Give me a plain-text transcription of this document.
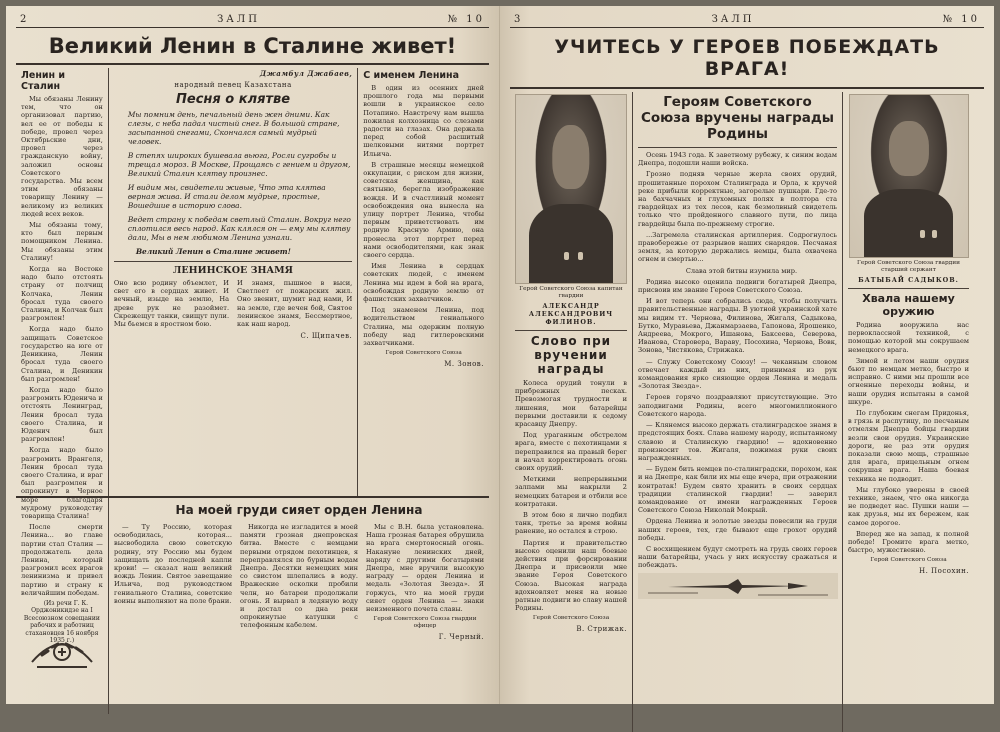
2	ЗАЛП	№ 10
Великий Ленин в Сталине живет!
Ленин и Сталин

Мы обязаны Ленину тем, что он организовал партию, вел ее от победы к победе, провел через Октябрьские дни, провел через гражданскую войну, заложил основы Советского государства. Мы всем этим обязаны товарищу Ленину — великому из великих людей всех веков.

Мы обязаны тому, кто был первым помощником Ленина. Мы обязаны этим Сталину!

Когда на Востоке надо было отстоять страну от полчищ Колчака, Ленин бросал туда своего Сталина, и Колчак был разгромлен!

Когда надо было защищать Советское государство на юге от Деникина, Ленин бросал туда своего Сталина, и Деникин был разгромлен!

Когда надо было разгромить Юденича и отстоять Ленинград, Ленин бросал туда своего Сталина, и Юденич был разгромлен!

Когда надо было разгромить Врангеля, Ленин бросал туда своего Сталина, и враг был разгромлен и опрокинут в Черное море благодаря мудрому руководству товарища Сталина!

После смерти Ленина... во главе партии стал Сталин — продолжатель дела Ленина, который разгромил всех врагов ленинизма и привел партию и страну к величайшим победам.

(Из речи Г. К. Орджоникидзе на I Всесоюзном совещании рабочих и работниц стахановцев 16 ноября 1935 г.)

Джамбул Джабаев,
народный певец Казахстана
Песня о клятве

Мы помним день, печальный день жен дними. Как слезы, с неба падал чистый снег. В большой стране, засыпанной снегами, Скончался самый мудрый человек.

В степях широких бушевала вьюга, Росли сугробы и трещал мороз. В Москве, Прощаясь с гением и другом, Великий Сталин клятву произнес.

И видим мы, свидетели живые, Что эта клятва верная жива. И стали делом мудрые, простые, Вошедшие в историю слова.

Ведет страну к победам светлый Сталин. Вокруг него сплотился весь народ. Как клялся он — ему мы клятву дали, Мы в нем любимом Ленина узнали.

Великий Ленин в Сталине живет!

ЛЕНИНСКОЕ ЗНАМЯ

Оно всю родину объемлет, И свет его в сердцах живет. И вечный, изыде на землю, На древе рук не разоймет. Скрежещут танки, свищут пули. Мы бьемся в яростном бою.

И знамя, пышное в выси, Светлеет от пожарских жил. Оно звенит, шумит над нами, И на земле, где вечен бой, Святое ленинское знамя, Бессмертное, как наш народ.

С. Щипачев.
С именем Ленина

В один из осенних дней прошлого года мы первыми вошли в украинское село Потапино. Навстречу нам вышла пожилая колхозница со слезами радости на глазах. Она держала перед собой расшитый шелковыми нитями портрет Ильича.

В страшные месяцы немецкой оккупации, с риском для жизни, советская женщина, как святыню, берегла изображение вождя. И в счастливый момент освобождения она вынесла на улицу портрет Ленина, чтобы первым приветствовать им родную Красную Армию, она пронесла этот портрет перед нами освободителями, как знак своего сердца.

Имя Ленина в сердцах советских людей, с именем Ленина мы идем в бой на врага, освобождая родную землю от фашистских захватчиков.

Под знаменем Ленина, под водительством гениального Сталина, мы одержим полную победу над гитлеровскими захватчиками.

Герой Советского Союза
М. Зонов.
На моей груди сияет орден Ленина

— Ту Россию, которая освободилась, которая... высвободила свою советскую родину, эту Россию мы будем защищать до последней капли крови! — сказал наш великий вождь Ленин. Святое завещание Ильича, под руководством гениального Сталина, советские воины выполняют на поле брани.

Никогда не изгладится в моей памяти грозная днепровская битва. Вместе с немцами первыми отрядом пехотинцев, я переправлялся по бурным водам Днепра. Десятки немецких мин со свистом шлепались в воду. Вражеские осколки пробили челн, но батареи продолжали огонь. Я вырвал в ледяную воду и достал со дна реки опрокинутые катушки с телефонным кабелем.

Мы с В.Н. была установлена. Наша грозная батарея обрушила на врага смертоносный огонь. Накануне ленинских дней, наряду с другими богатырями Днепра, мне вручили высокую награду — орден Ленина и медаль «Золотая Звезда». Я горжусь, что на моей груди сияет орден Ленина — знаки неизменного почета славы.

Герой Советского Союза гвардии офицер
Г. Черный.
3	ЗАЛП	№ 10
УЧИТЕСЬ У ГЕРОЕВ ПОБЕЖДАТЬ ВРАГА!
Герой Советского Союза капитан гвардии
АЛЕКСАНДР АЛЕКСАНДРОВИЧ ФИЛИНОВ.
Слово при вручении награды

Колеса орудий тонули в прибрежных песках. Превозмогая трудности и лишения, мои батарейцы первыми доставили к седому красавцу Днепру.

Под ураганным обстрелом врага, вместе с пехотинцами я переправился на правый берег и начал корректировать огонь своих орудий.

Меткими непрерывными залпами мы накрыли 2 немецких батареи и отбили все контратаки.

В этом бою я лично подбил танк, третье за время войны ранение, но остался в строю.

Партия и правительство высоко оценили наш боевые действия при форсировании Днепра и присвоили мне звание Героя Советского Союза. Высокая награда вдохновляет меня на новые ратные подвиги во славу нашей Родины.

Герой Советского Союза
В. Стрижак.
Героям Советского Союза вручены награды Родины

Осень 1943 года. К заветному рубежу, к синим водам Днепра, подошли наши войска.

Грозно подняв черные жерла своих орудий, прошитанные порохом Сталинграда и Орла, к кручей реке прибыли корректные, загорелые пушкари. Где-то на бахчачных и глухомных полях в полтора ста гвардейцах из тех лесов, как безмолвный свидетель только что пройденного славного пути, по лица гвардейцы была по-прежнему строгие.

...Загремела сталинская артиллерия. Содрогнулось правобережье от разрывов наших снарядов. Песчаная земля, за которую держались немцы, была охвачена огнем и смертью...

Слава этой битвы изумила мир.

Родина высоко оценила подвиги богатырей Днепра, присвоив им звание Героев Советского Союза.

И вот теперь они собрались сюда, чтобы получить правительственные награды. В уютной украинской хате мы видим тт. Чернова, Филинова, Жигаля, Садыкова, Бутко, Муравьева, Джанмарзаева, Гапонова, Ярошенко, Андреева, Мокрого, Ишанова, Баксеева, Северова, Иванова, Старовера, Вараву, Посохина, Чернова, Вовк, Зонова, Чистякова, Стрижака.

— Служу Советскому Союзу! — чеканным словом отвечает каждый из них, принимая из рук командования ярко сияющие орден Ленина и медаль «Золотая Звезда».

Героев горячо поздравляют присутствующие. Это заподвигами Родины, всего многомиллионного Советского народа.

— Клянемся высоко держать сталинградское знамя в предстоящих боях. Слава нашему народу, испытанному славою и Сталинскую гвардию! — вдохновенно произносит тов. Жигаля, пожимая руки своих награжденных.

— Будем бить немцев по-сталинградски, порохом, как и на Днепре, как били их мы еще вчера, при отражении контратак! Будем свято хранить в своих сердцах традиции сталинской гвардии! — заверил командование от имени награжденных Героев Советского Союза Николай Мокрый.

Ордена Ленина и золотые звезды повесили на груди наших героев, тех, где бывают еще грохот орудий победы.

С восхищением будут смотреть на грудь своих героев наши батарейцы, учась у них искусству сражаться и побеждать.

Герой Советского Союза гвардии старший сержант
БАТЫБАЙ САДЫКОВ.
Хвала нашему оружию

Родина вооружила нас первоклассной техникой, с помощью которой мы сокрушаем немецкого врага.

Зимой и летом наши орудия бьют по немцам метко, быстро и исправно. С ними мы прошли все огненные переходы войны, и наши орудия испытаны в самой шкуре.

По глубоким снегам Придонья, в грязь и распутицу, по песчаным отмелям Днепра бойцы гвардии везли свои орудия. Украинские дороги, не раз эти орудия показали свою мощь, страшные для врага, прицельным огнем сокрушая врага. Наша боевая техника не подводит.

Мы глубоко уверены в своей технике, знаем, что она никогда не подведет нас. Пушки наши — как друзья, мы их бережем, как самое дорогое.

Вперед же на запад, к полной победе! Громите врага метко, быстро, мужественно.

Герой Советского Союза
Н. Посохин.
